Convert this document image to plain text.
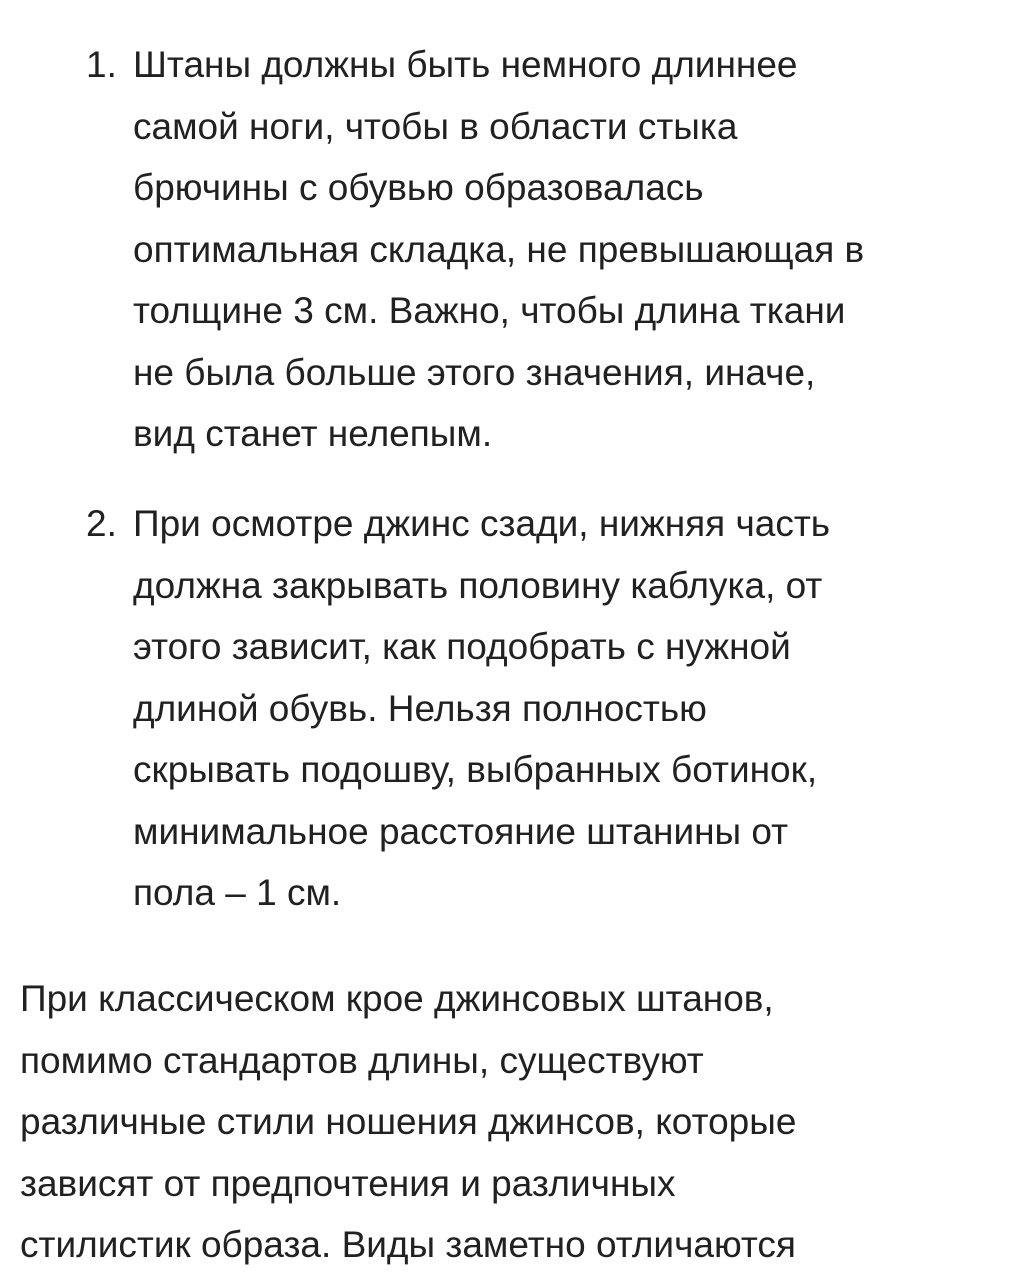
1. Штаны должны быть немного длиннее
самой ноги, чтобы в области стыка
брючины с обувью образовалась
оптимальная складка, не превышающая в
толщине 3 см. Важно, чтобы длина ткани
не была больше этого значения, иначе,
вид станет нелепым.
2. При осмотре джинс сзади, нижняя часть
должна закрывать половину каблука, от
этого зависит, как подобрать с нужной
длиной обувь. Нельзя полностью
скрывать подошву, выбранных ботинок,
минимальное расстояние штанины от
пола – 1 см.
При классическом крое джинсовых штанов,
помимо стандартов длины, существуют
различные стили ношения джинсов, которые
зависят от предпочтения и различных
стилистик образа. Виды заметно отличаются
